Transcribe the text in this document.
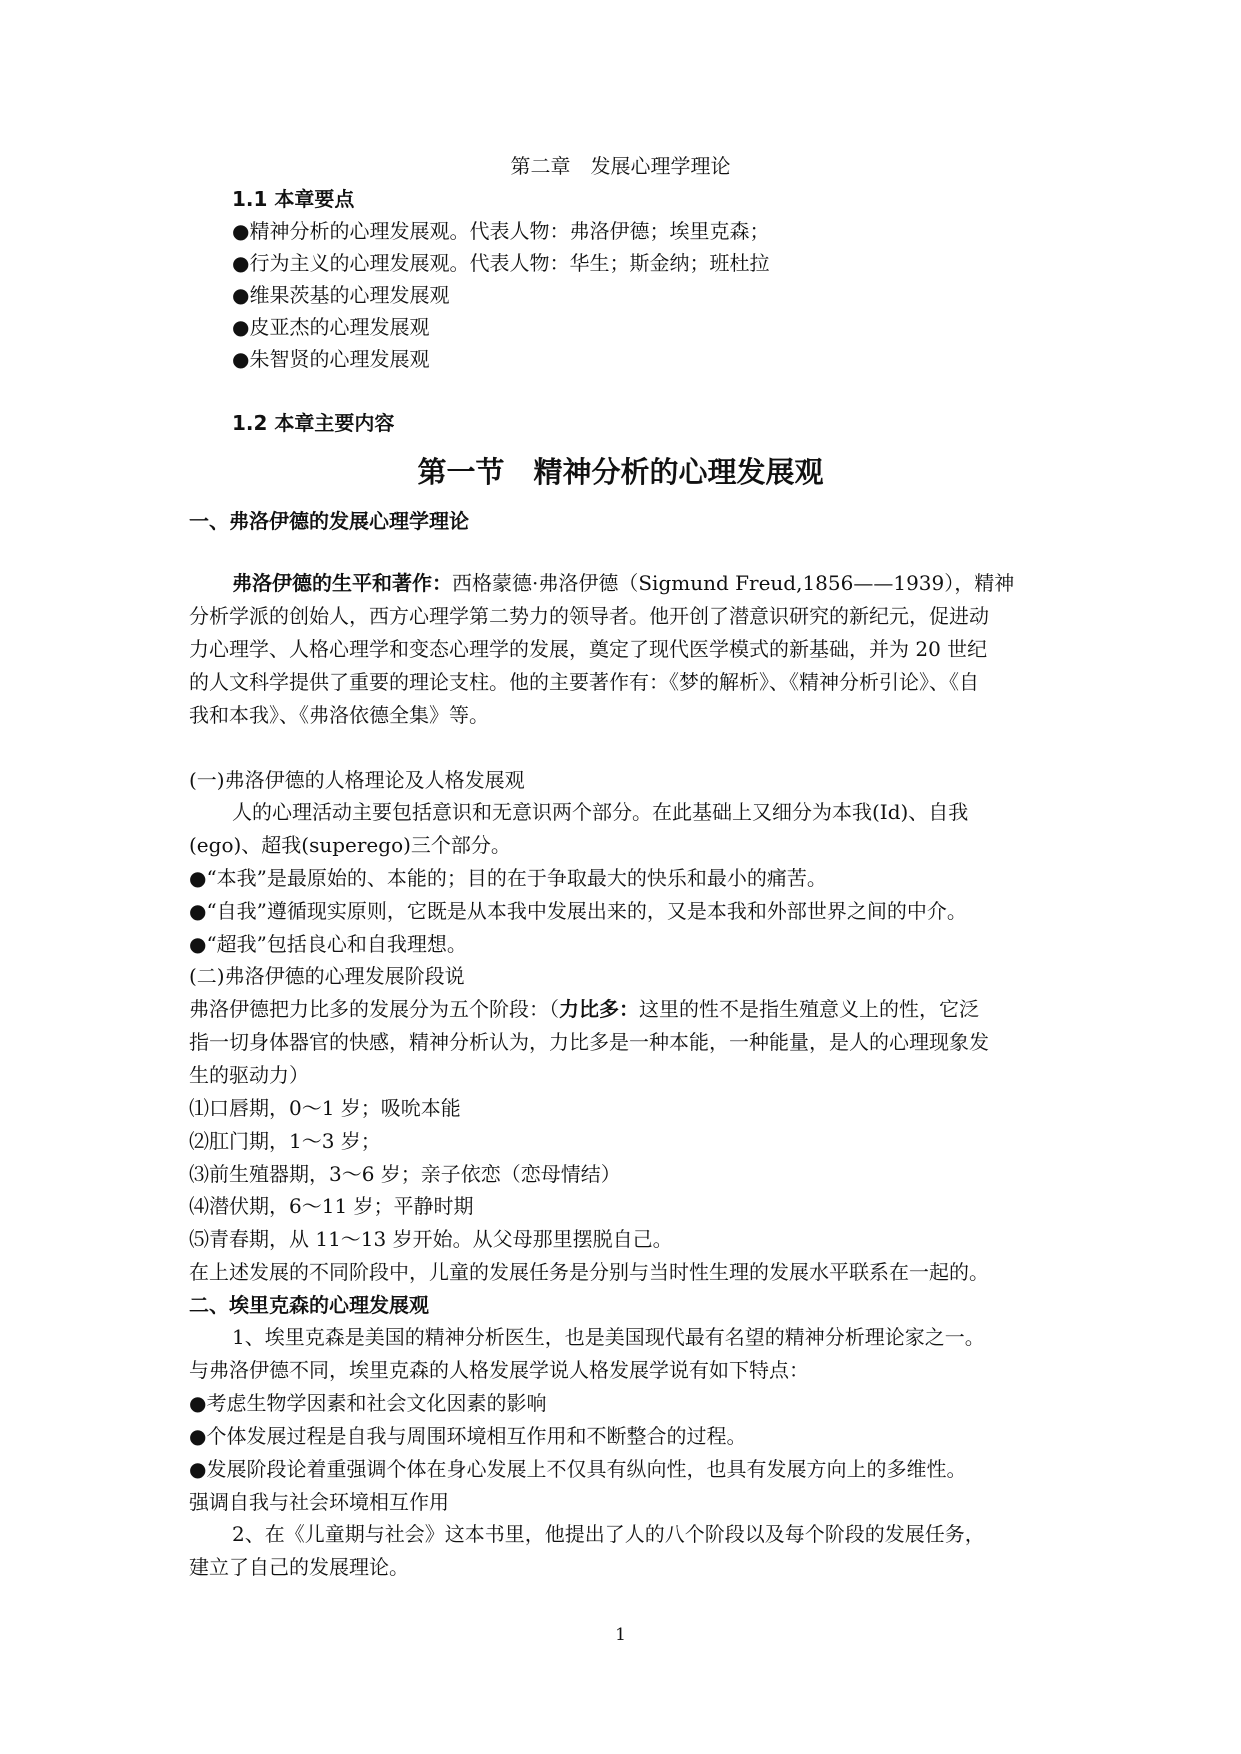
第二章　发展心理学理论
1.1 本章要点
●精神分析的心理发展观。代表人物：弗洛伊德；埃里克森；
●行为主义的心理发展观。代表人物：华生；斯金纳；班杜拉
●维果茨基的心理发展观
●皮亚杰的心理发展观
●朱智贤的心理发展观
1.2 本章主要内容
第一节　精神分析的心理发展观
一、弗洛伊德的发展心理学理论
弗洛伊德的生平和著作：西格蒙德·弗洛伊德（Sigmund Freud,1856——1939），精神
分析学派的创始人，西方心理学第二势力的领导者。他开创了潜意识研究的新纪元，促进动
力心理学、人格心理学和变态心理学的发展，奠定了现代医学模式的新基础，并为 20 世纪
的人文科学提供了重要的理论支柱。他的主要著作有：《梦的解析》、《精神分析引论》、《自
我和本我》、《弗洛依德全集》等。
(一)弗洛伊德的人格理论及人格发展观
人的心理活动主要包括意识和无意识两个部分。在此基础上又细分为本我(Id)、自我
(ego)、超我(superego)三个部分。
●“本我”是最原始的、本能的；目的在于争取最大的快乐和最小的痛苦。
●“自我”遵循现实原则，它既是从本我中发展出来的，又是本我和外部世界之间的中介。
●“超我”包括良心和自我理想。
(二)弗洛伊德的心理发展阶段说
弗洛伊德把力比多的发展分为五个阶段：（力比多：这里的性不是指生殖意义上的性，它泛
指一切身体器官的快感，精神分析认为，力比多是一种本能，一种能量，是人的心理现象发
生的驱动力）
⑴口唇期，0～1 岁；吸吮本能
⑵肛门期，1～3 岁；
⑶前生殖器期，3～6 岁；亲子依恋（恋母情结）
⑷潜伏期，6～11 岁；平静时期
⑸青春期，从 11～13 岁开始。从父母那里摆脱自己。
在上述发展的不同阶段中，儿童的发展任务是分别与当时性生理的发展水平联系在一起的。
二、埃里克森的心理发展观
1、埃里克森是美国的精神分析医生，也是美国现代最有名望的精神分析理论家之一。
与弗洛伊德不同，埃里克森的人格发展学说人格发展学说有如下特点：
●考虑生物学因素和社会文化因素的影响
●个体发展过程是自我与周围环境相互作用和不断整合的过程。
●发展阶段论着重强调个体在身心发展上不仅具有纵向性，也具有发展方向上的多维性。
强调自我与社会环境相互作用
2、在《儿童期与社会》这本书里，他提出了人的八个阶段以及每个阶段的发展任务，
建立了自己的发展理论。
1
